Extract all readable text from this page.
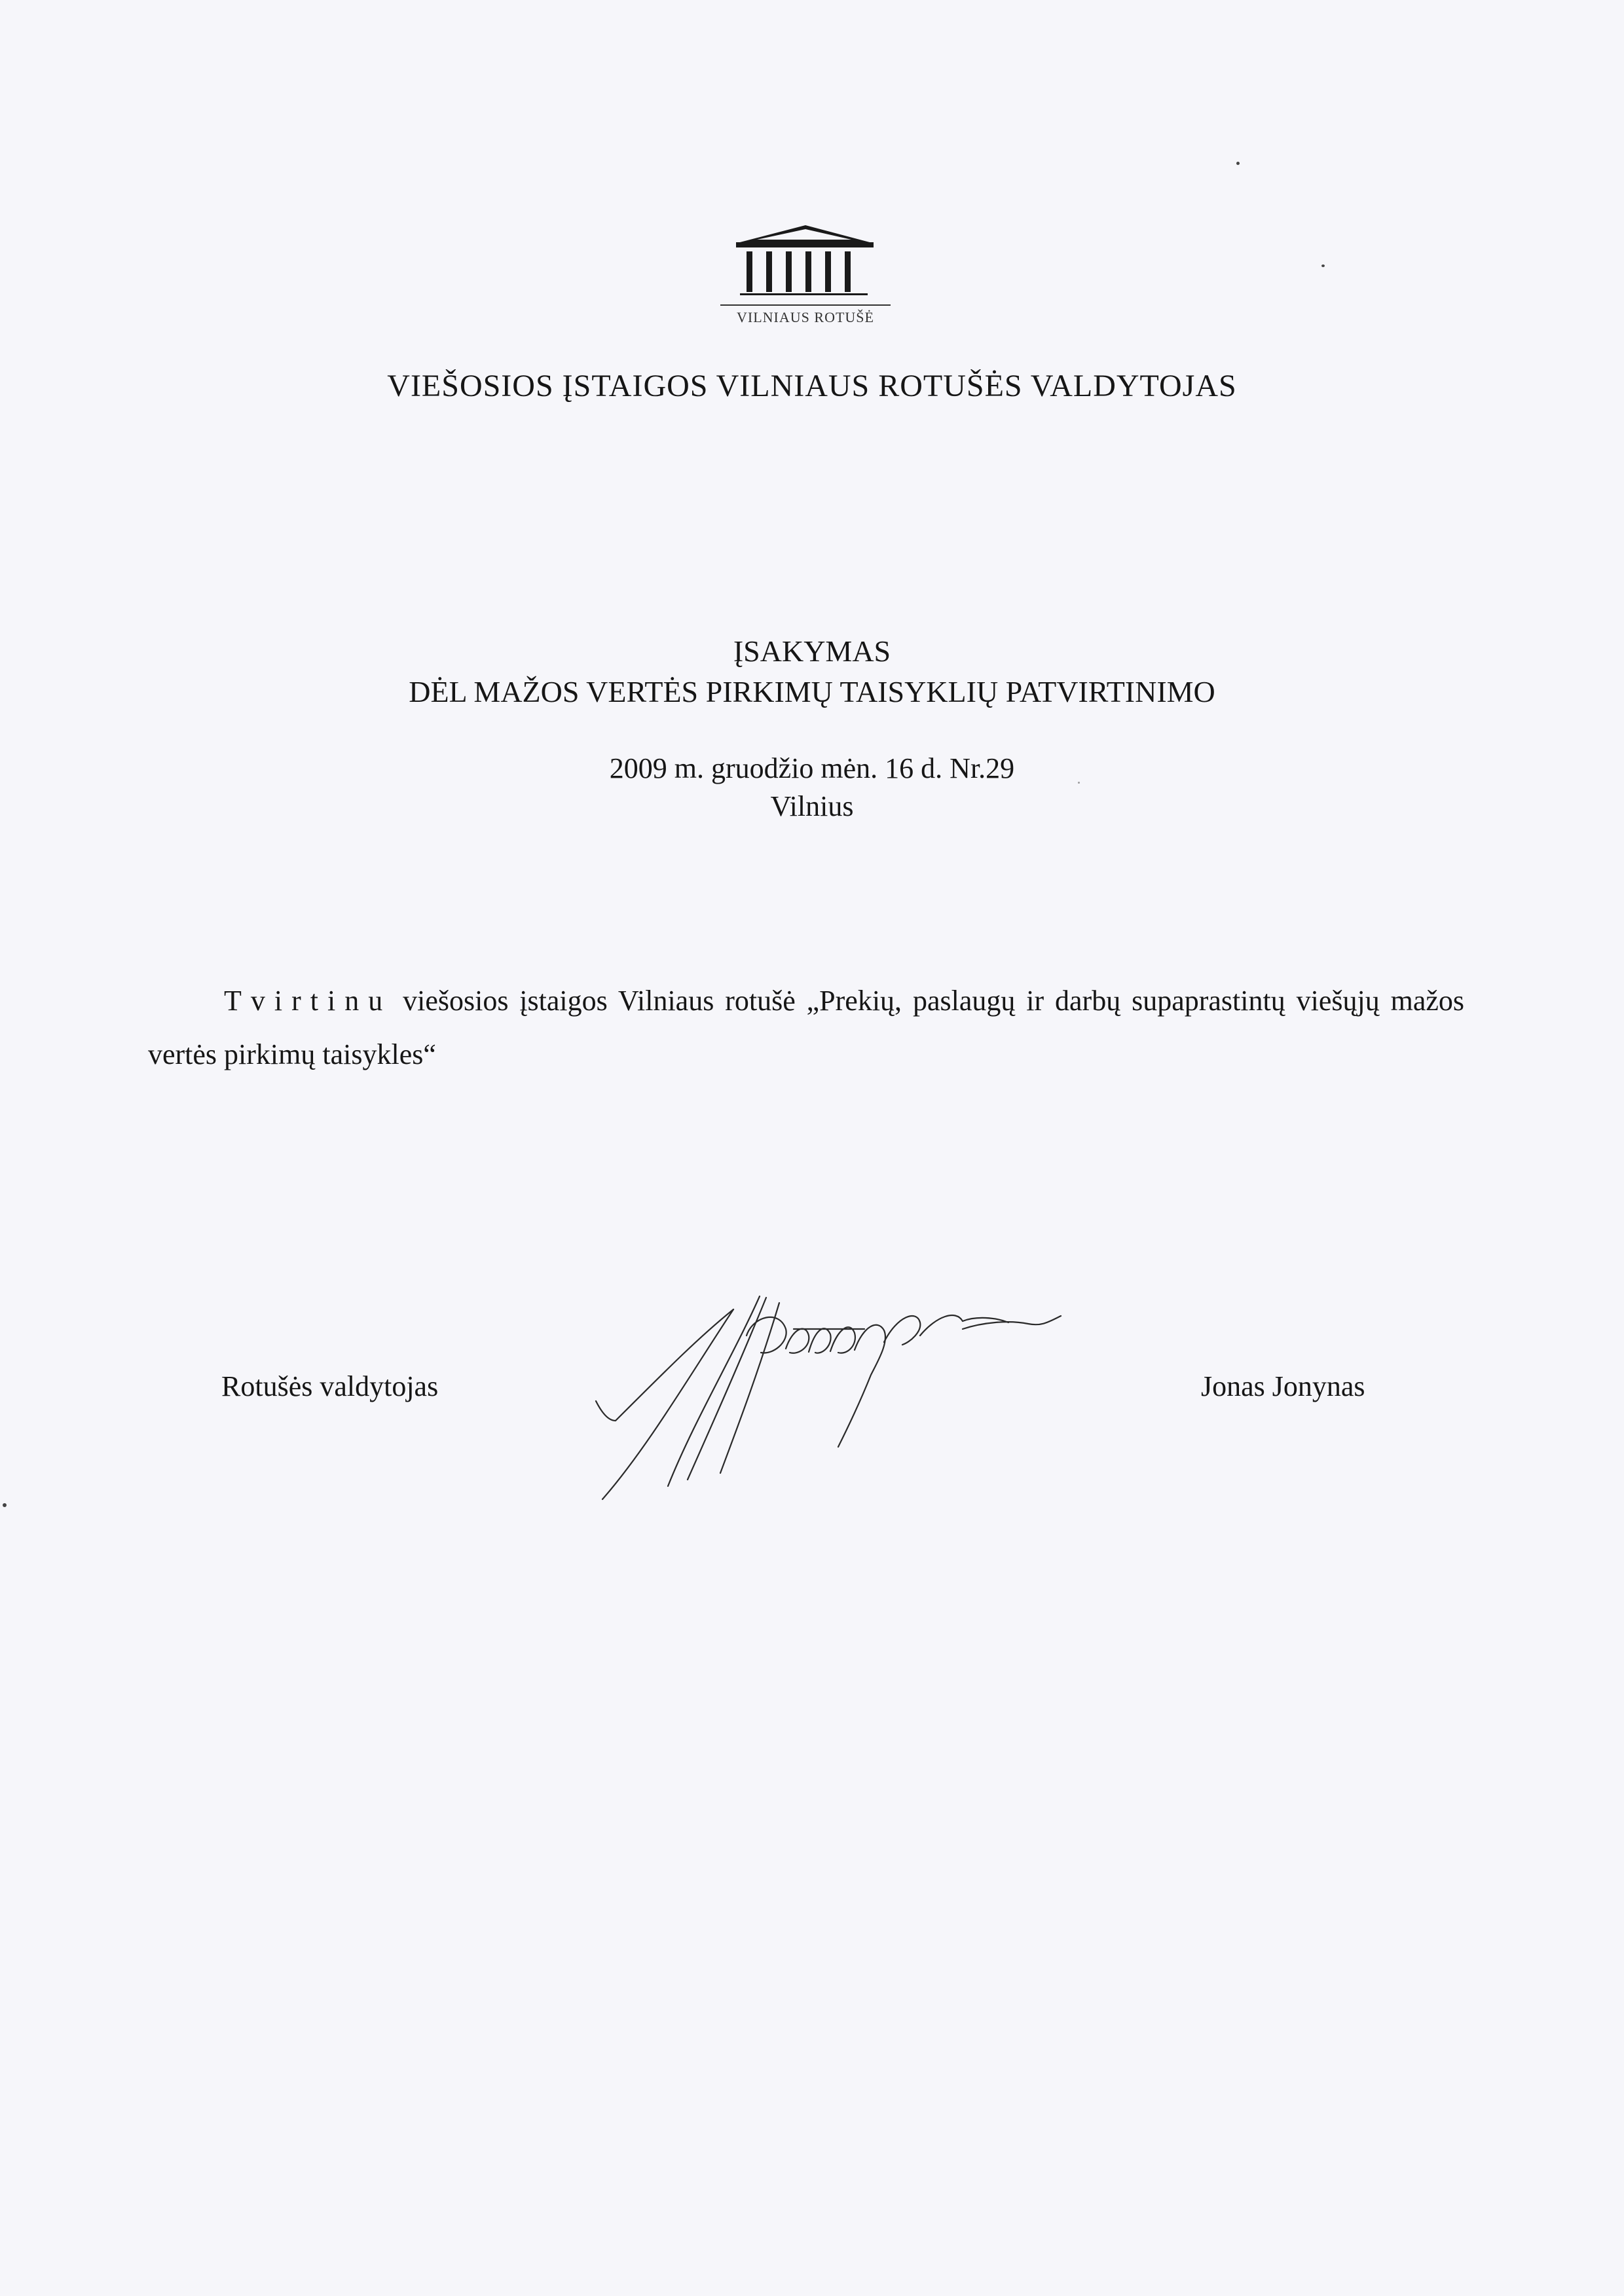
VILNIAUS ROTUŠĖ
VIEŠOSIOS ĮSTAIGOS VILNIAUS ROTUŠĖS VALDYTOJAS
ĮSAKYMAS
DĖL MAŽOS VERTĖS PIRKIMŲ TAISYKLIŲ PATVIRTINIMO
2009 m. gruodžio mėn. 16 d. Nr.29
Vilnius
Tvirtinu viešosios įstaigos Vilniaus rotušė „Prekių, paslaugų ir darbų supaprastintų viešųjų mažos vertės pirkimų taisykles“
Rotušės valdytojas	Jonas Jonynas
